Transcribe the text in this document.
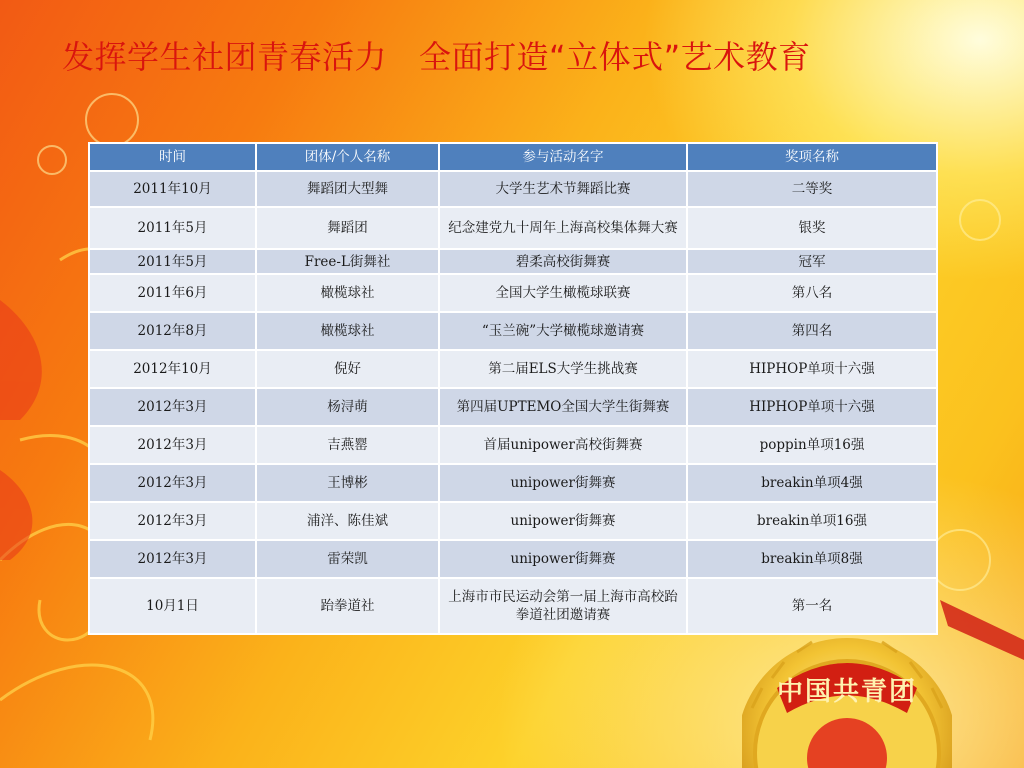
发挥学生社团青春活力   全面打造“立体式”艺术教育
时间	团体/个人名称	参与活动名字	奖项名称
2011年10月	舞蹈团大型舞	大学生艺术节舞蹈比赛	二等奖
2011年5月	舞蹈团	纪念建党九十周年上海高校集体舞大赛	银奖
2011年5月	Free-L街舞社	碧柔高校街舞赛	冠军
2011年6月	橄榄球社	全国大学生橄榄球联赛	第八名
2012年8月	橄榄球社	“玉兰碗”大学橄榄球邀请赛	第四名
2012年10月	倪好	第二届ELS大学生挑战赛	HIPHOP单项十六强
2012年3月	杨浔萌	第四届UPTEMO全国大学生街舞赛	HIPHOP单项十六强
2012年3月	吉燕罂	首届unipower高校街舞赛	poppin单项16强
2012年3月	王博彬	unipower街舞赛	breakin单项4强
2012年3月	浦洋、陈佳斌	unipower街舞赛	breakin单项16强
2012年3月	雷荣凯	unipower街舞赛	breakin单项8强
10月1日	跆拳道社	上海市市民运动会第一届上海市高校跆拳道社团邀请赛	第一名
中国共青团
